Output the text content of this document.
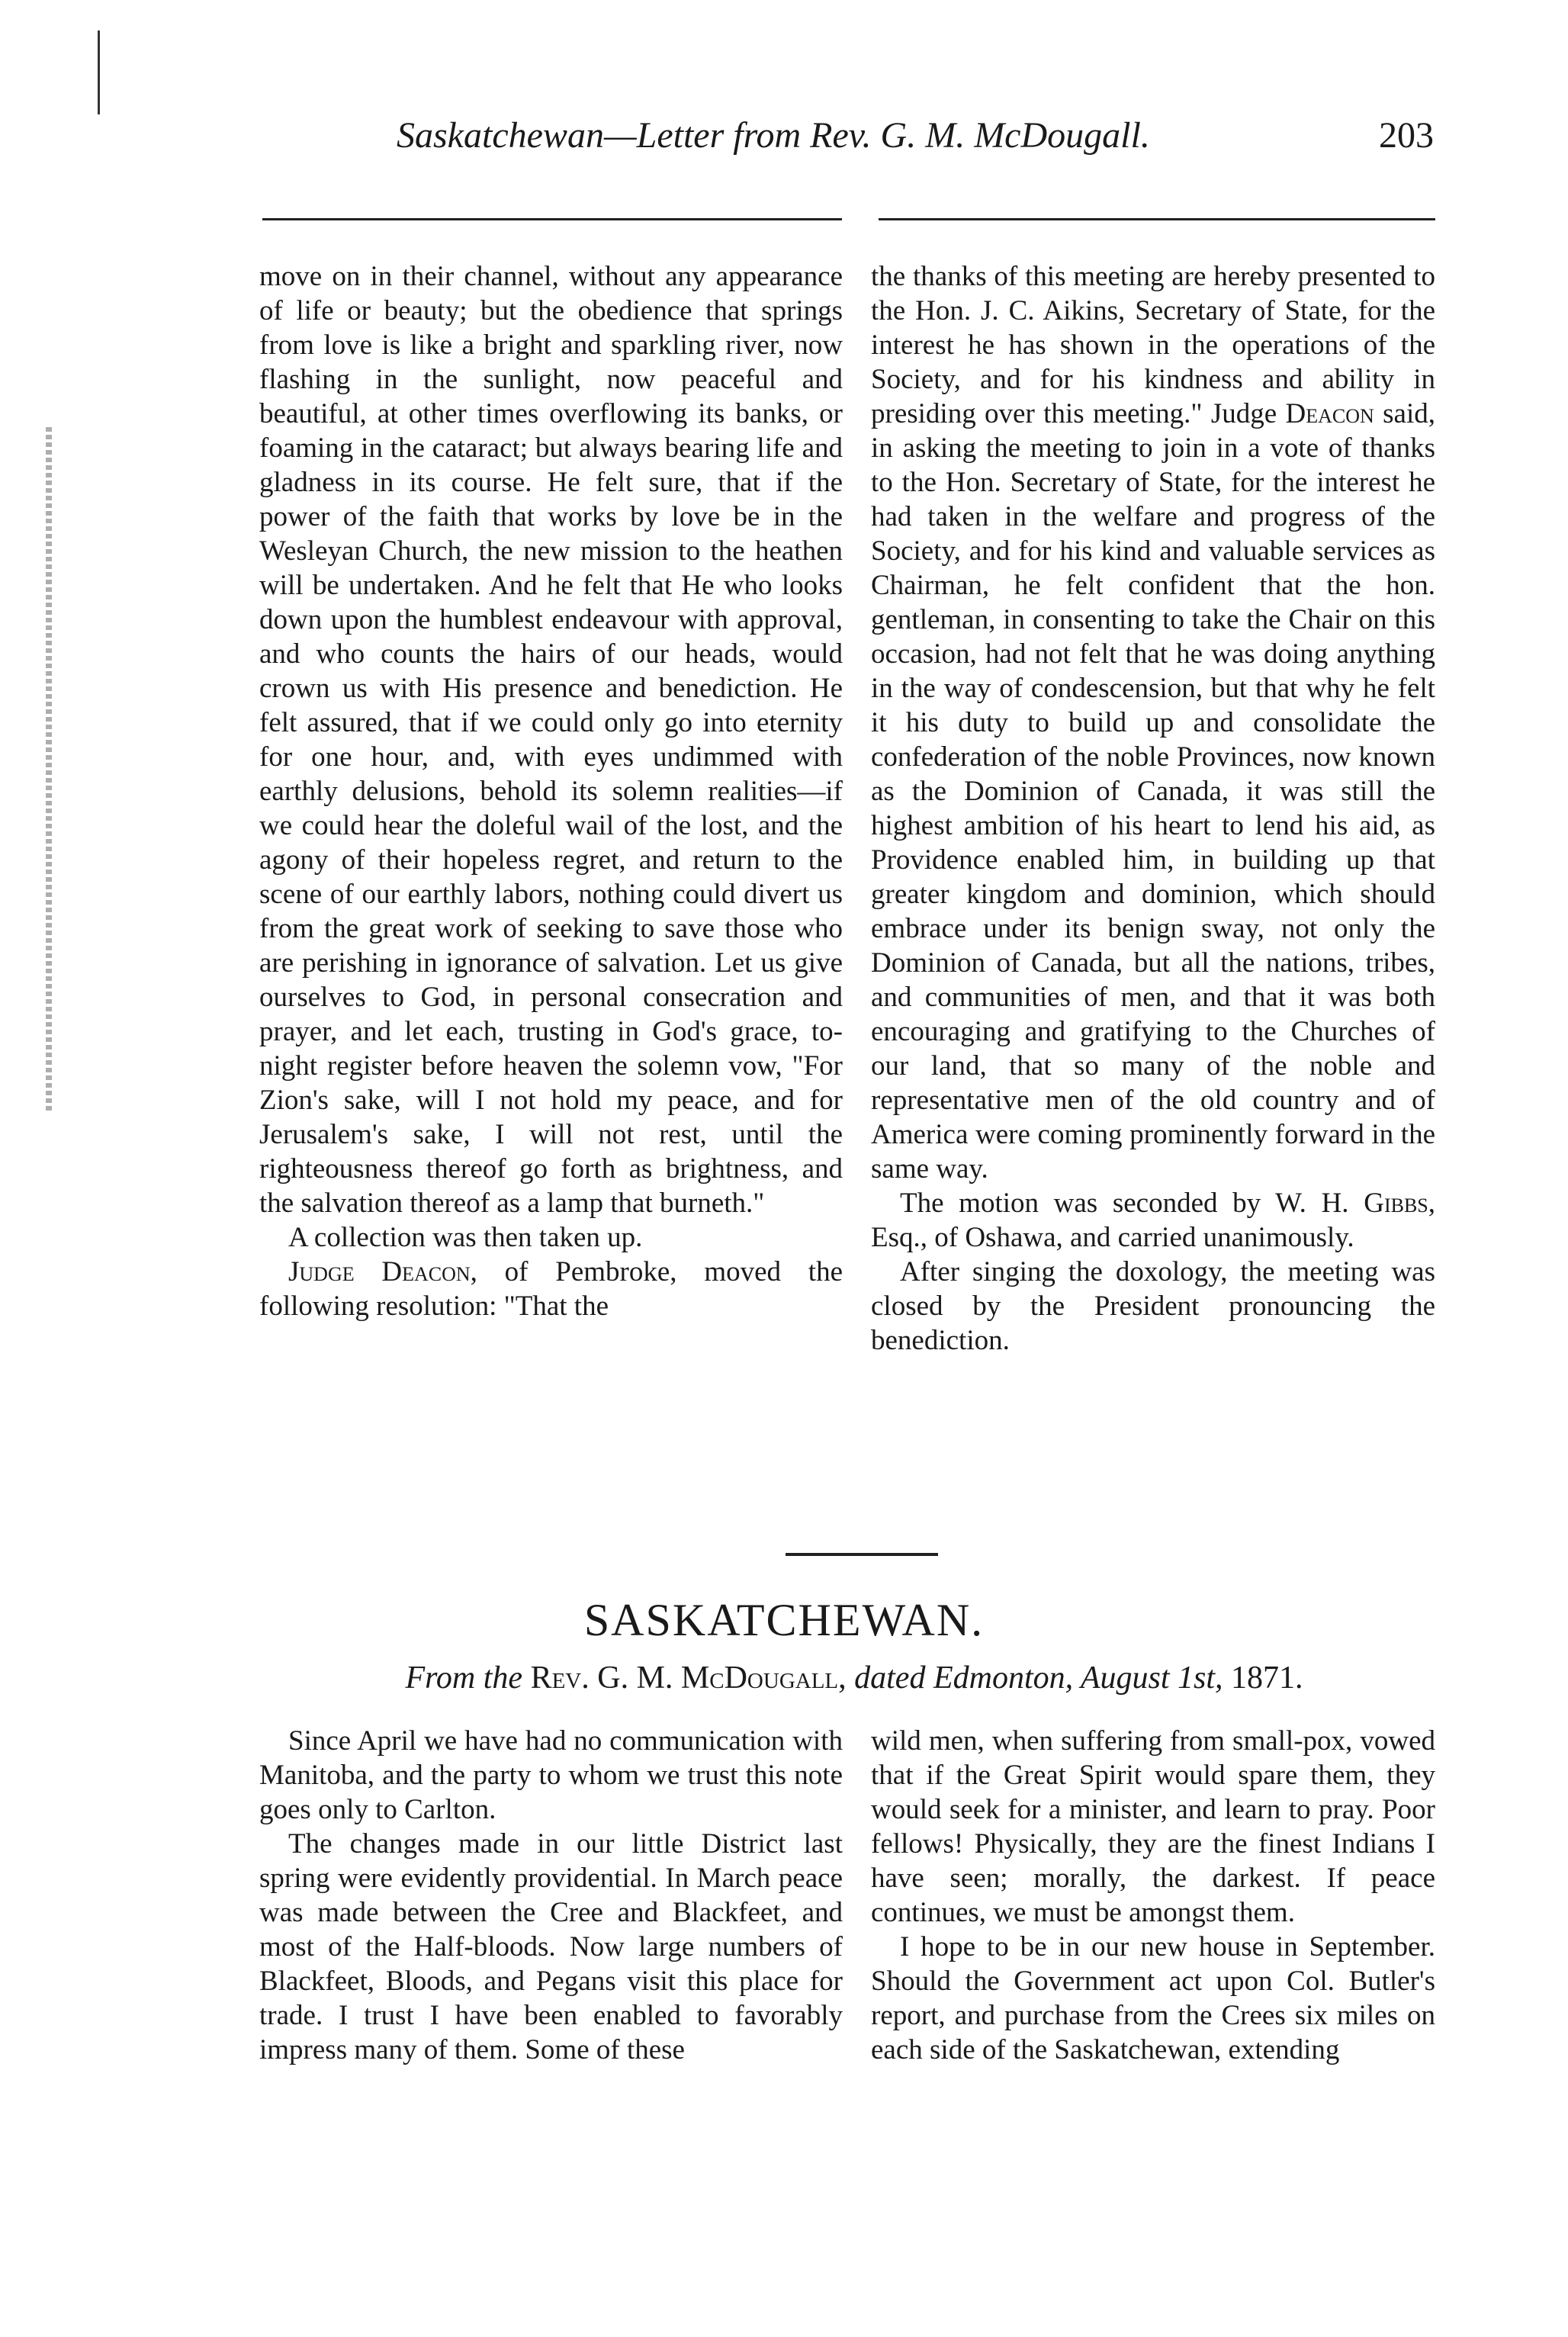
Saskatchewan—Letter from Rev. G. M. McDougall.	203

move on in their channel, without any appearance of life or beauty; but the obedience that springs from love is like a bright and sparkling river, now flashing in the sunlight, now peaceful and beautiful, at other times overflowing its banks, or foaming in the cataract; but always bearing life and gladness in its course. He felt sure, that if the power of the faith that works by love be in the Wesleyan Church, the new mission to the heathen will be undertaken. And he felt that He who looks down upon the humblest endeavour with approval, and who counts the hairs of our heads, would crown us with His presence and benediction. He felt assured, that if we could only go into eternity for one hour, and, with eyes undimmed with earthly delusions, behold its solemn realities—if we could hear the doleful wail of the lost, and the agony of their hopeless regret, and return to the scene of our earthly labors, nothing could divert us from the great work of seeking to save those who are perishing in ignorance of salvation. Let us give ourselves to God, in personal consecration and prayer, and let each, trusting in God's grace, to-night register before heaven the solemn vow, "For Zion's sake, will I not hold my peace, and for Jerusalem's sake, I will not rest, until the righteousness thereof go forth as brightness, and the salvation thereof as a lamp that burneth."

A collection was then taken up.

Judge Deacon, of Pembroke, moved the following resolution: "That the

the thanks of this meeting are hereby presented to the Hon. J. C. Aikins, Secretary of State, for the interest he has shown in the operations of the Society, and for his kindness and ability in presiding over this meeting." Judge Deacon said, in asking the meeting to join in a vote of thanks to the Hon. Secretary of State, for the interest he had taken in the welfare and progress of the Society, and for his kind and valuable services as Chairman, he felt confident that the hon. gentleman, in consenting to take the Chair on this occasion, had not felt that he was doing anything in the way of condescension, but that why he felt it his duty to build up and consolidate the confederation of the noble Provinces, now known as the Dominion of Canada, it was still the highest ambition of his heart to lend his aid, as Providence enabled him, in building up that greater kingdom and dominion, which should embrace under its benign sway, not only the Dominion of Canada, but all the nations, tribes, and communities of men, and that it was both encouraging and gratifying to the Churches of our land, that so many of the noble and representative men of the old country and of America were coming prominently forward in the same way.

The motion was seconded by W. H. Gibbs, Esq., of Oshawa, and carried unanimously.

After singing the doxology, the meeting was closed by the President pronouncing the benediction.

SASKATCHEWAN.
From the Rev. G. M. McDougall, dated Edmonton, August 1st, 1871.

Since April we have had no communication with Manitoba, and the party to whom we trust this note goes only to Carlton.

The changes made in our little District last spring were evidently providential. In March peace was made between the Cree and Blackfeet, and most of the Half-bloods. Now large numbers of Blackfeet, Bloods, and Pegans visit this place for trade. I trust I have been enabled to favorably impress many of them. Some of these

wild men, when suffering from small-pox, vowed that if the Great Spirit would spare them, they would seek for a minister, and learn to pray. Poor fellows! Physically, they are the finest Indians I have seen; morally, the darkest. If peace continues, we must be amongst them.

I hope to be in our new house in September. Should the Government act upon Col. Butler's report, and purchase from the Crees six miles on each side of the Saskatchewan, extending
